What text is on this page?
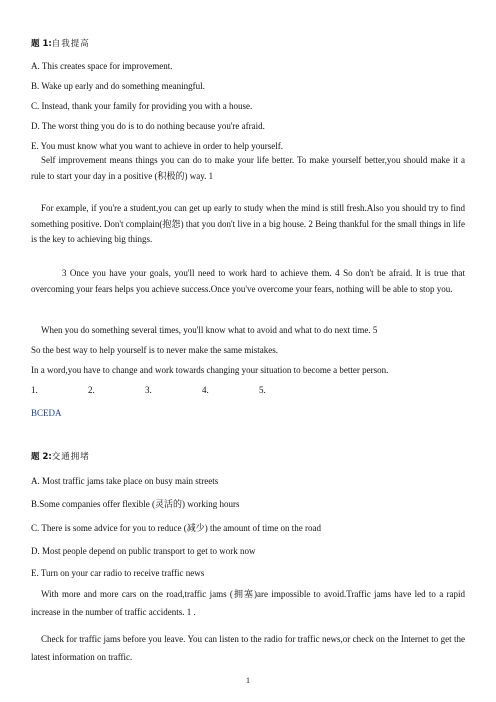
题 1:自我提高
A. This creates space for improvement.
B. Wake up early and do something meaningful.
C. Instead, thank your family for providing you with a house.
D. The worst thing you do is to do nothing because you're afraid.
E. You must know what you want to achieve in order to help yourself.
Self improvement means things you can do to make your life better. To make yourself better,you should make it a rule to start your day in a positive (积极的) way. 1
For example, if you're a student,you can get up early to study when the mind is still fresh.Also you should try to find something positive. Don't complain(抱怨) that you don't live in a big house. 2 Being thankful for the small things in life is the key to achieving big things.
3 Once you have your goals, you'll need to work hard to achieve them. 4 So don't be afraid. It is true that overcoming your fears helps you achieve success.Once you've overcome your fears, nothing will be able to stop you.
When you do something several times, you'll know what to avoid and what to do next time. 5
So the best way to help yourself is to never make the same mistakes.
In a word,you have to change and work towards changing your situation to become a better person.
1.	2.	3.	4.	5.
BCEDA
题 2:交通拥堵
A. Most traffic jams take place on busy main streets
B.Some companies offer flexible (灵活的) working hours
C. There is some advice for you to reduce (减少) the amount of time on the road
D. Most people depend on public transport to get to work now
E. Turn on your car radio to receive traffic news
With more and more cars on the road,traffic jams (拥塞)are impossible to avoid.Traffic jams have led to a rapid increase in the number of traffic accidents. 1 .
Check for traffic jams before you leave. You can listen to the radio for traffic news,or check on the Internet to get the latest information on traffic.
1
